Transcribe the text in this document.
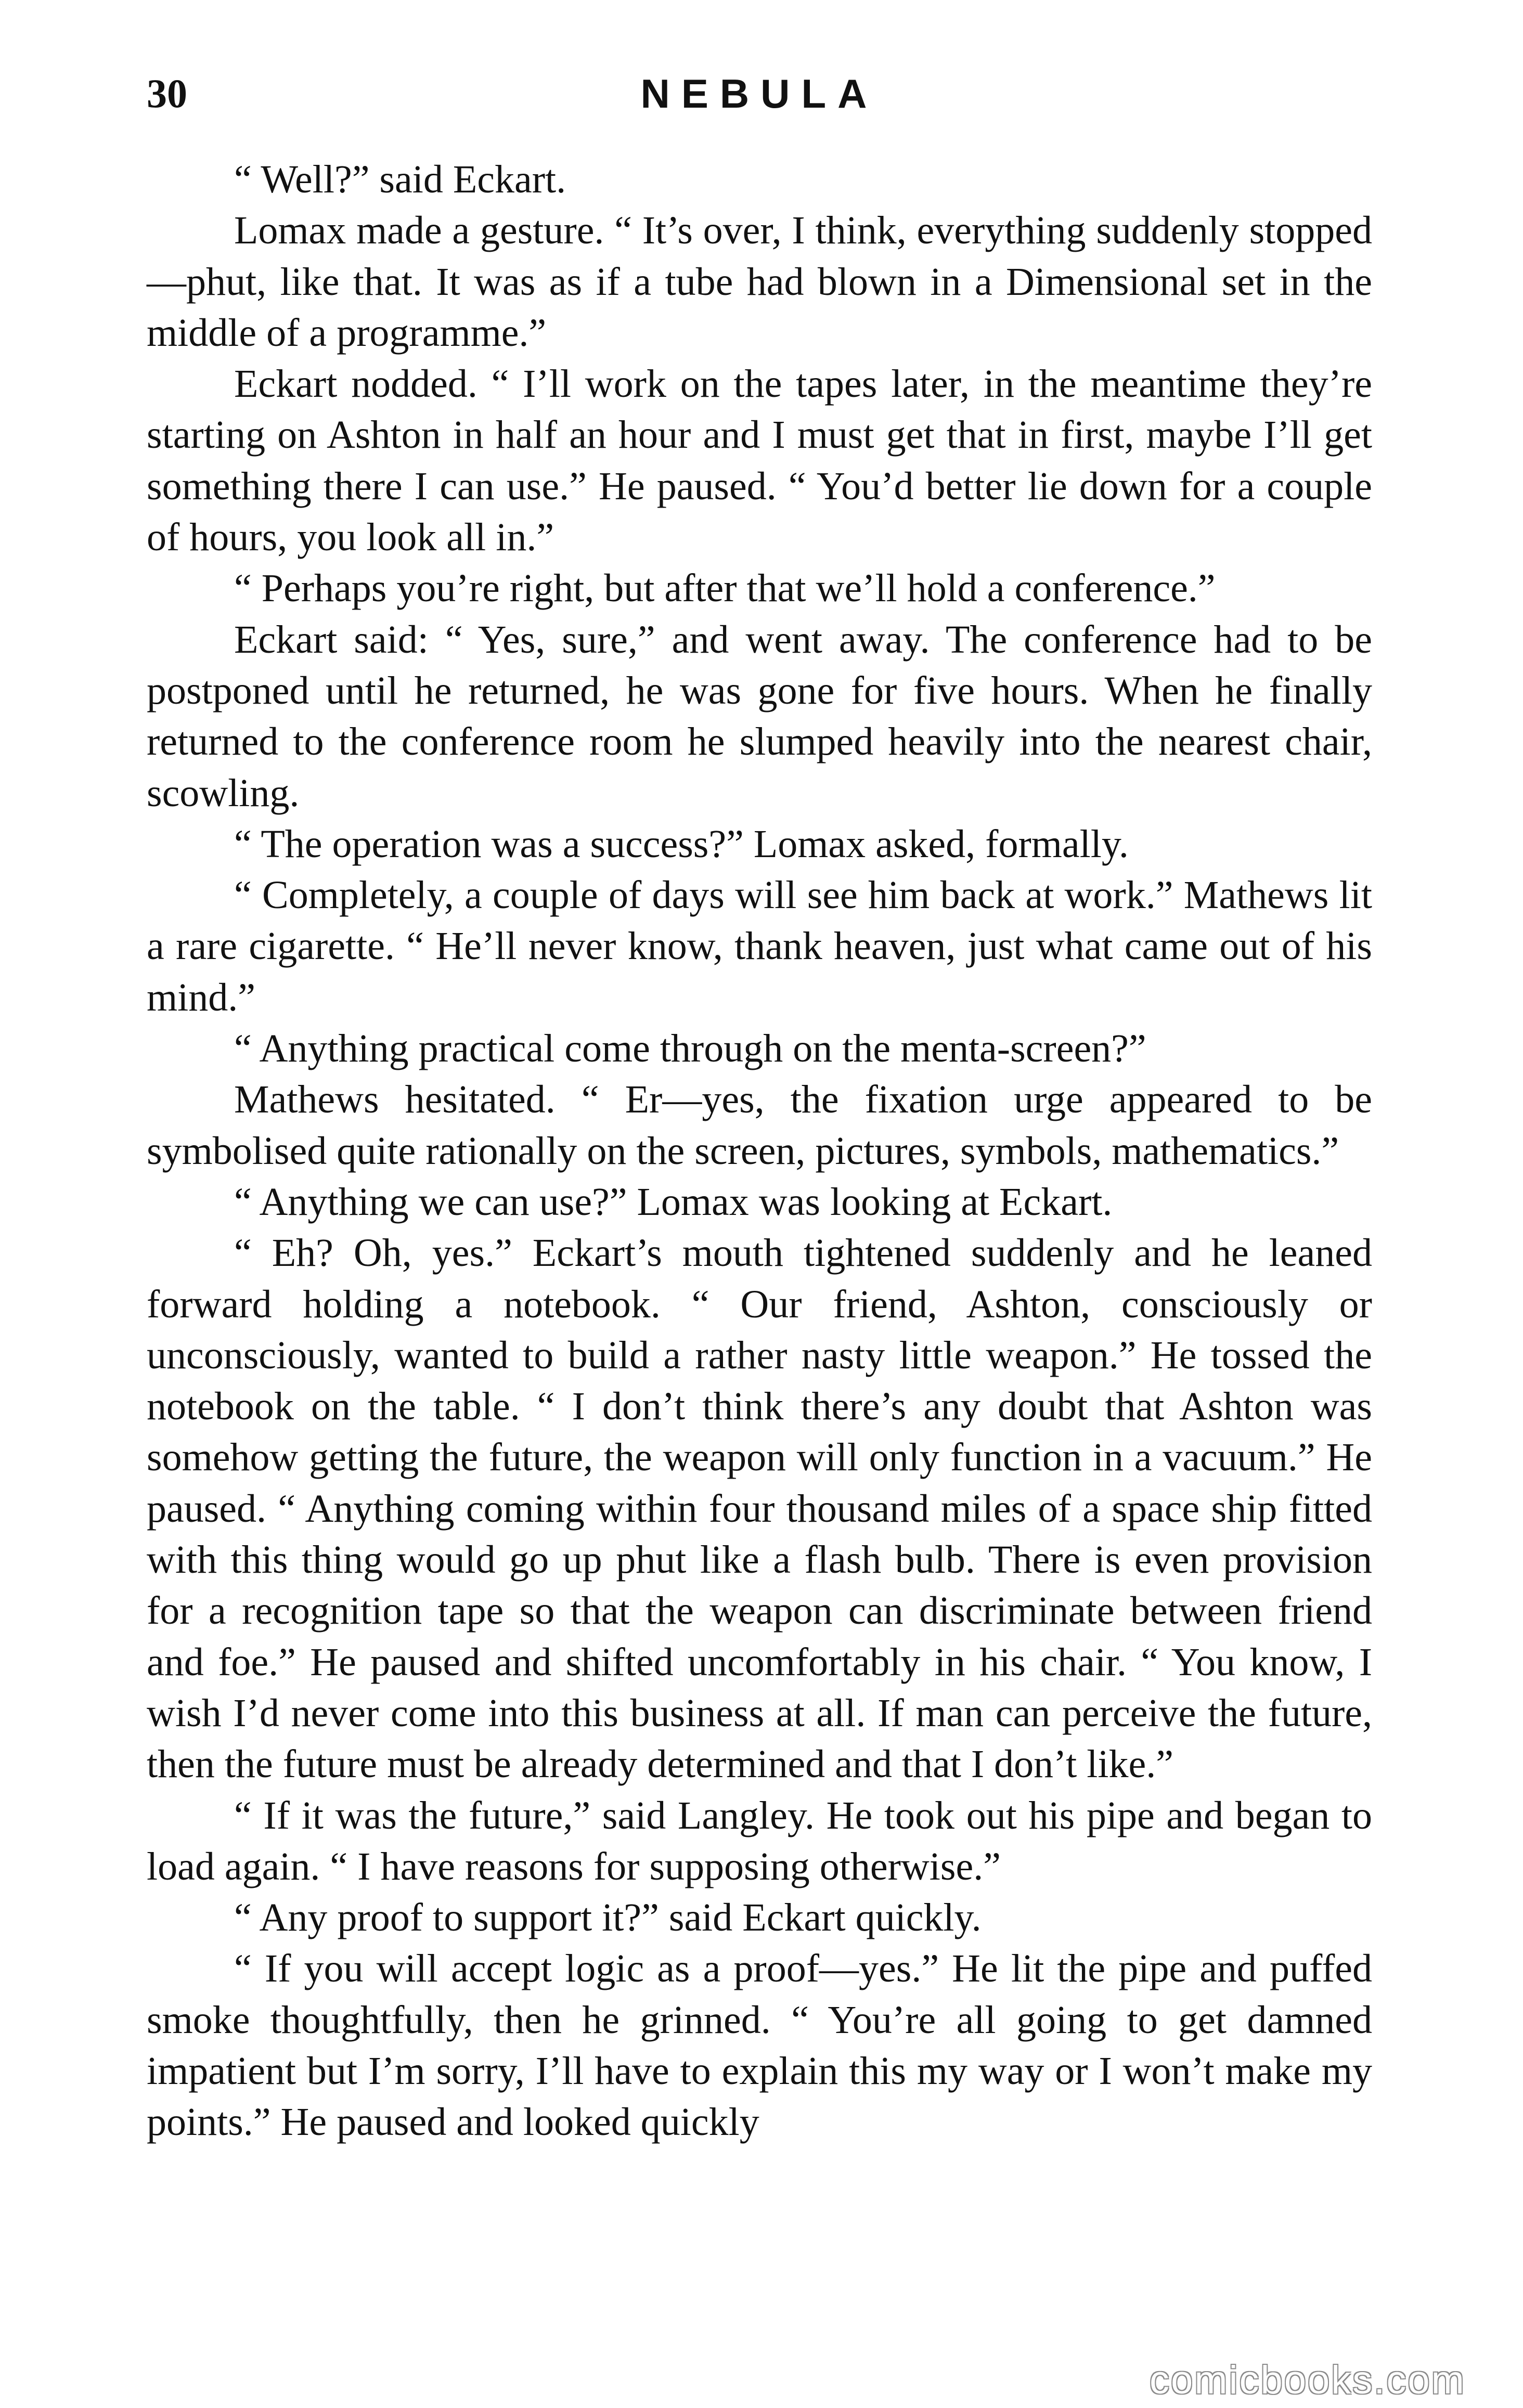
30	NEBULA

“ Well?” said Eckart.

Lomax made a gesture. “ It’s over, I think, everything suddenly stopped—phut, like that. It was as if a tube had blown in a Dimensional set in the middle of a programme.”

Eckart nodded. “ I’ll work on the tapes later, in the meantime they’re starting on Ashton in half an hour and I must get that in first, maybe I’ll get something there I can use.” He paused. “ You’d better lie down for a couple of hours, you look all in.”

“ Perhaps you’re right, but after that we’ll hold a conference.”

Eckart said: “ Yes, sure,” and went away. The conference had to be postponed until he returned, he was gone for five hours. When he finally returned to the conference room he slumped heavily into the nearest chair, scowling.

“ The operation was a success?” Lomax asked, formally.

“ Completely, a couple of days will see him back at work.” Mathews lit a rare cigarette. “ He’ll never know, thank heaven, just what came out of his mind.”

“ Anything practical come through on the menta-screen?”

Mathews hesitated. “ Er—yes, the fixation urge appeared to be symbolised quite rationally on the screen, pictures, symbols, mathematics.”

“ Anything we can use?” Lomax was looking at Eckart.

“ Eh? Oh, yes.” Eckart’s mouth tightened suddenly and he leaned forward holding a notebook. “ Our friend, Ashton, consciously or unconsciously, wanted to build a rather nasty little weapon.” He tossed the notebook on the table. “ I don’t think there’s any doubt that Ashton was somehow getting the future, the weapon will only function in a vacuum.” He paused. “ Anything coming within four thousand miles of a space ship fitted with this thing would go up phut like a flash bulb. There is even provision for a recognition tape so that the weapon can discriminate between friend and foe.” He paused and shifted uncomfortably in his chair. “ You know, I wish I’d never come into this business at all. If man can perceive the future, then the future must be already determined and that I don’t like.”

“ If it was the future,” said Langley. He took out his pipe and began to load again. “ I have reasons for supposing otherwise.”

“ Any proof to support it?” said Eckart quickly.

“ If you will accept logic as a proof—yes.” He lit the pipe and puffed smoke thoughtfully, then he grinned. “ You’re all going to get damned impatient but I’m sorry, I’ll have to explain this my way or I won’t make my points.” He paused and looked quickly

comicbooks.com
